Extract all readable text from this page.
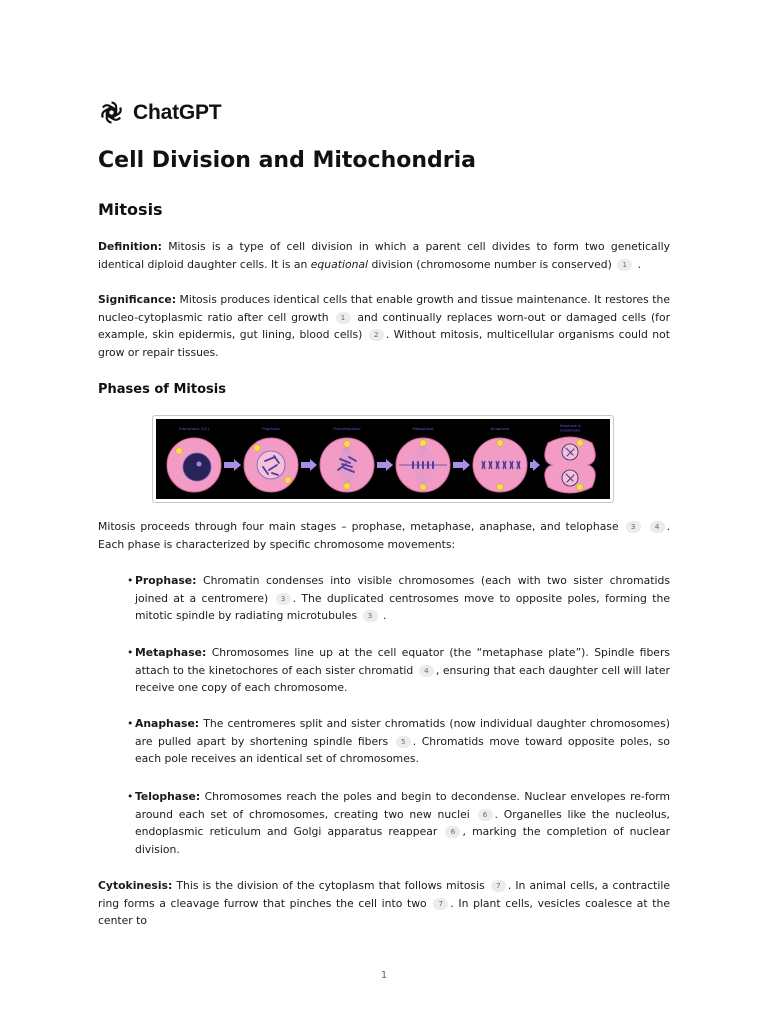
ChatGPT
Cell Division and Mitochondria
Mitosis

Definition: Mitosis is a type of cell division in which a parent cell divides to form two genetically identical diploid daughter cells. It is an equational division (chromosome number is conserved) 1 .

Significance: Mitosis produces identical cells that enable growth and tissue maintenance. It restores the nucleo-cytoplasmic ratio after cell growth 1 and continually replaces worn-out or damaged cells (for example, skin epidermis, gut lining, blood cells) 2 . Without mitosis, multicellular organisms could not grow or repair tissues.

Phases of Mitosis
Interphase (G2)	Prophase	Prometaphase	Metaphase	Anaphase	Telophase &
Cytokinesis

Mitosis proceeds through four main stages – prophase, metaphase, anaphase, and telophase 3	4 . Each phase is characterized by specific chromosome movements:

• Prophase: Chromatin condenses into visible chromosomes (each with two sister chromatids joined at a centromere) 3 . The duplicated centrosomes move to opposite poles, forming the mitotic spindle by radiating microtubules 3 .
• Metaphase: Chromosomes line up at the cell equator (the “metaphase plate”). Spindle fibers attach to the kinetochores of each sister chromatid 4 , ensuring that each daughter cell will later receive one copy of each chromosome.
• Anaphase: The centromeres split and sister chromatids (now individual daughter chromosomes) are pulled apart by shortening spindle fibers 5 . Chromatids move toward opposite poles, so each pole receives an identical set of chromosomes.
• Telophase: Chromosomes reach the poles and begin to decondense. Nuclear envelopes re-form around each set of chromosomes, creating two new nuclei 6 . Organelles like the nucleolus, endoplasmic reticulum and Golgi apparatus reappear 6 , marking the completion of nuclear division.

Cytokinesis: This is the division of the cytoplasm that follows mitosis 7 . In animal cells, a contractile ring forms a cleavage furrow that pinches the cell into two 7 . In plant cells, vesicles coalesce at the center to

1
